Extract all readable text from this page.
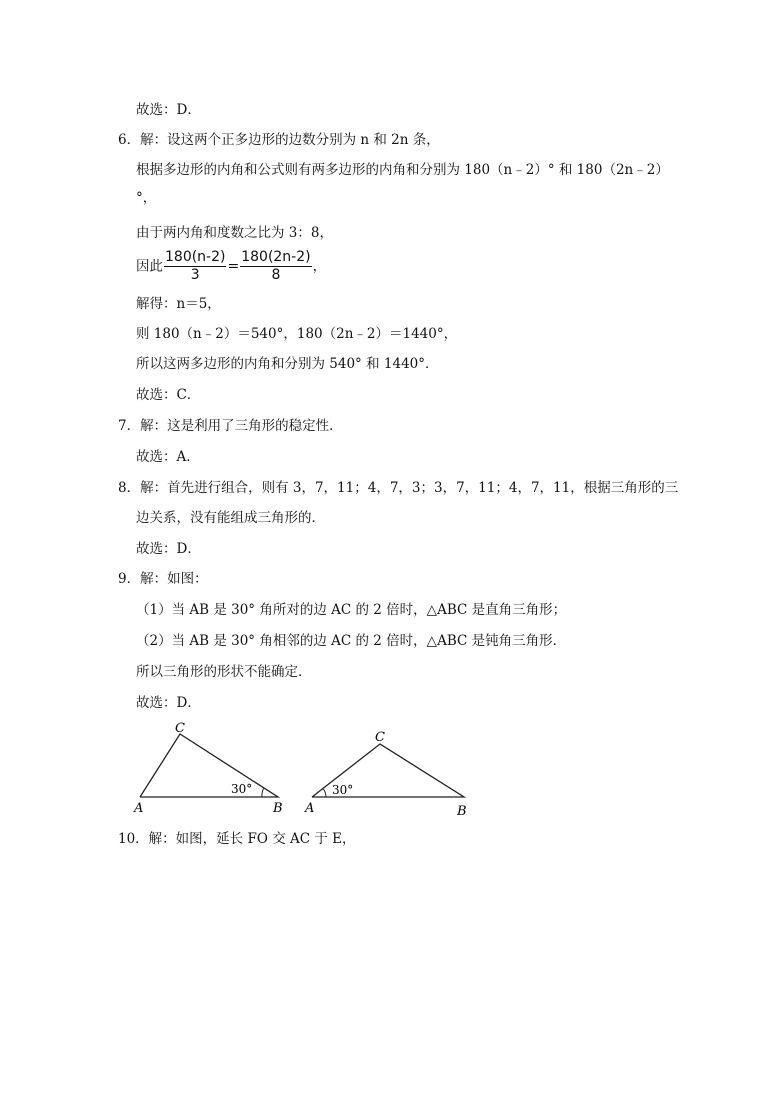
故选：D．
6．解：设这两个正多边形的边数分别为 n 和 2n 条，
根据多边形的内角和公式则有两多边形的内角和分别为 180（n﹣2）° 和 180（2n﹣2）
°，
由于两内角和度数之比为 3：8，
因此 $\frac{180(n-2)}{3} = \frac{180(2n-2)}{8}$ ，
解得：n＝5，
则 180（n﹣2）＝540°，180（2n﹣2）＝1440°，
所以这两多边形的内角和分别为 540° 和 1440°．
故选：C．
7．解：这是利用了三角形的稳定性．
故选：A．
8．解：首先进行组合，则有 3，7，11；4，7，3；3，7，11；4，7，11，根据三角形的三
边关系，没有能组成三角形的．
故选：D．
9．解：如图：
（1）当 AB 是 30° 角所对的边 AC 的 2 倍时，△ABC 是直角三角形；
（2）当 AB 是 30° 角相邻的边 AC 的 2 倍时，△ABC 是钝角三角形．
所以三角形的形状不能确定．
故选：D．
C
A	B
30°
C
A	B
30°
10．解：如图，延长 FO 交 AC 于 E，
